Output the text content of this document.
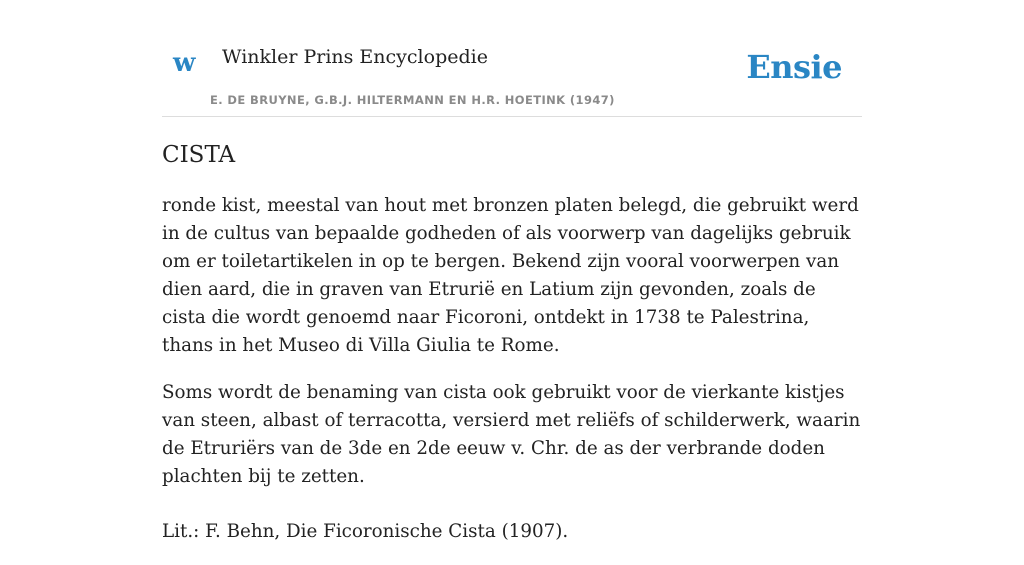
w Winkler Prins Encyclopedie
E. DE BRUYNE, G.B.J. HILTERMANN EN H.R. HOETINK (1947)
Ensie
CISTA

ronde kist, meestal van hout met bronzen platen belegd, die gebruikt werd in de cultus van bepaalde godheden of als voorwerp van dagelijks gebruik om er toiletartikelen in op te bergen. Bekend zijn vooral voorwerpen van dien aard, die in graven van Etrurië en Latium zijn gevonden, zoals de cista die wordt genoemd naar Ficoroni, ontdekt in 1738 te Palestrina, thans in het Museo di Villa Giulia te Rome.

Soms wordt de benaming van cista ook gebruikt voor de vierkante kistjes van steen, albast of terracotta, versierd met reliëfs of schilderwerk, waarin de Etruriërs van de 3de en 2de eeuw v. Chr. de as der verbrande doden plachten bij te zetten.

Lit.: F. Behn, Die Ficoronische Cista (1907).
